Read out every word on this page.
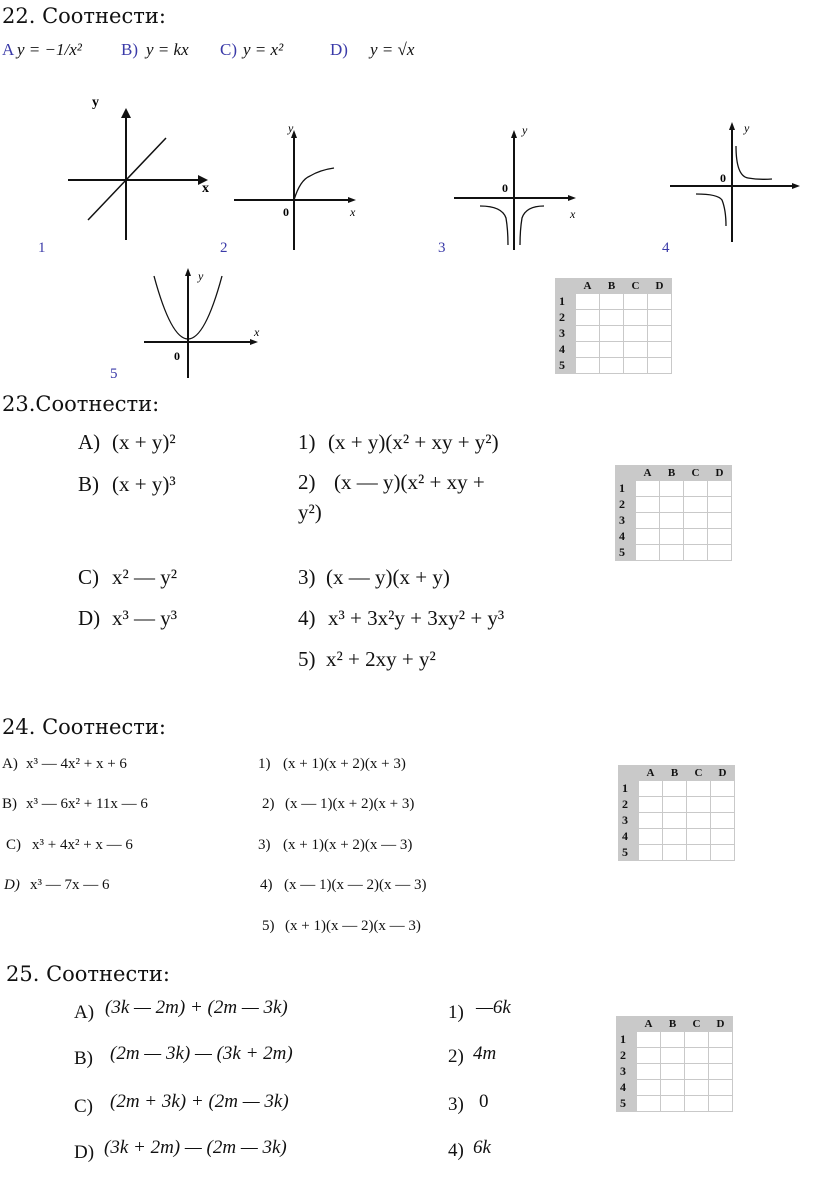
22. Соотнести:
A y = −1/x² B) y = kx C) y = x²	D) y = √x
x
y
1
x
y
0
2
x
y
0
3
y
0
4
x
y
0
5
	A	B	C	D
1				
2				
3				
4				
5				
23.Соотнести:
A) (x + y)²
B) (x + y)³
C) x² — y²
D) x³ — y³
1) (x + y)(x² + xy + y²)
2) (x — y)(x² + xy +
y²)
3) (x — y)(x + y)
4) x³ + 3x²y + 3xy² + y³
5) x² + 2xy + y²
	A	B	C	D
1				
2				
3				
4				
5				
24. Соотнести:
A) x³ — 4x² + x + 6
B) x³ — 6x² + 11x — 6
C) x³ + 4x² + x — 6
D) x³ — 7x — 6
1) (x + 1)(x + 2)(x + 3)
2) (x — 1)(x + 2)(x + 3)
3) (x + 1)(x + 2)(x — 3)
4) (x — 1)(x — 2)(x — 3)
5) (x + 1)(x — 2)(x — 3)
	A	B	C	D
1				
2				
3				
4				
5				
25. Соотнести:
A) (3k — 2m) + (2m — 3k)
B) (2m — 3k) — (3k + 2m)
C) (2m + 3k) + (2m — 3k)
D) (3k + 2m) — (2m — 3k)
1) —6k
2) 4m
3) 0
4) 6k
	A	B	C	D
1				
2				
3				
4				
5				
